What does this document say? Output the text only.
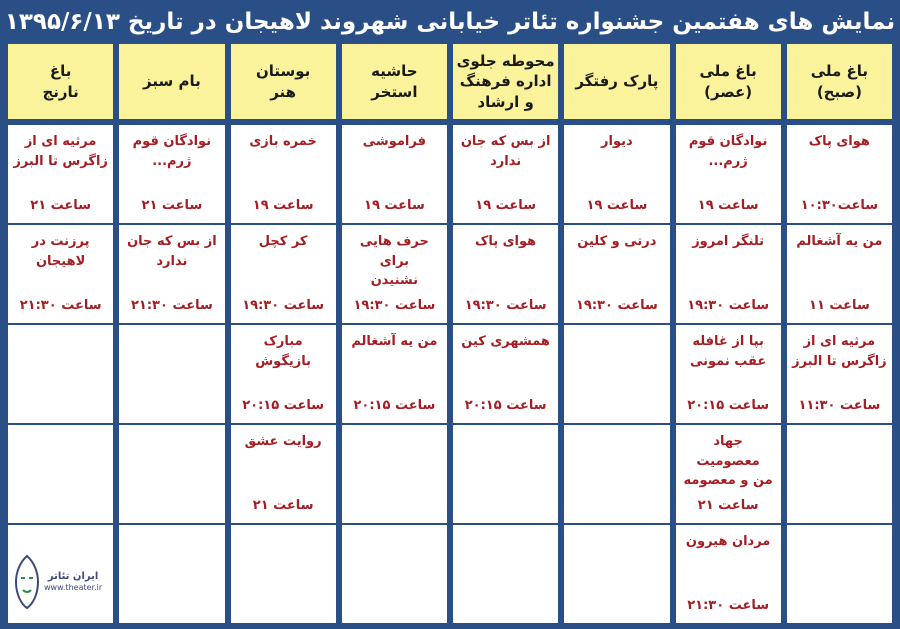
نمایش های هفتمین جشنواره تئاتر خیابانی شهروند لاهیجان در تاریخ ۱۳۹۵/۶/۱۳
باغ ملی
(صبح)
باغ ملی
(عصر)
پارک رفتگر
محوطه جلوی
اداره فرهنگ
و ارشاد
حاشیه
استخر
بوستان
هنر
بام سبز
باغ
نارنج
هوای پاک
ساعت۱۰:۳۰
نوادگان قوم
ژرم...
ساعت ۱۹
دیوار
ساعت ۱۹
از بس که جان
ندارد
ساعت ۱۹
فراموشی
ساعت ۱۹
خمره بازی
ساعت ۱۹
نوادگان قوم
ژرم...
ساعت ۲۱
مرثیه ای از
زاگرس تا البرز
ساعت ۲۱
من یه آشغالم
ساعت ۱۱
تلنگر امروز
ساعت ۱۹:۳۰
درتی و کلین
ساعت ۱۹:۳۰
هوای پاک
ساعت ۱۹:۳۰
حرف هایی برای
نشنیدن
ساعت ۱۹:۳۰
کر کچل
ساعت ۱۹:۳۰
از بس که جان
ندارد
ساعت ۲۱:۳۰
پرزنت در
لاهیجان
ساعت ۲۱:۳۰
مرثیه ای از
زاگرس تا البرز
ساعت ۱۱:۳۰
بپا از غافله
عقب نمونی
ساعت ۲۰:۱۵
همشهری کین
ساعت ۲۰:۱۵
من یه آشغالم
ساعت ۲۰:۱۵
مبارک بازیگوش
ساعت ۲۰:۱۵
جهاد معصومیت
من و معصومه
ساعت ۲۱
روایت عشق
ساعت ۲۱
مردان هیرون
ساعت ۲۱:۳۰
ایران تئاتر
www.theater.ir
